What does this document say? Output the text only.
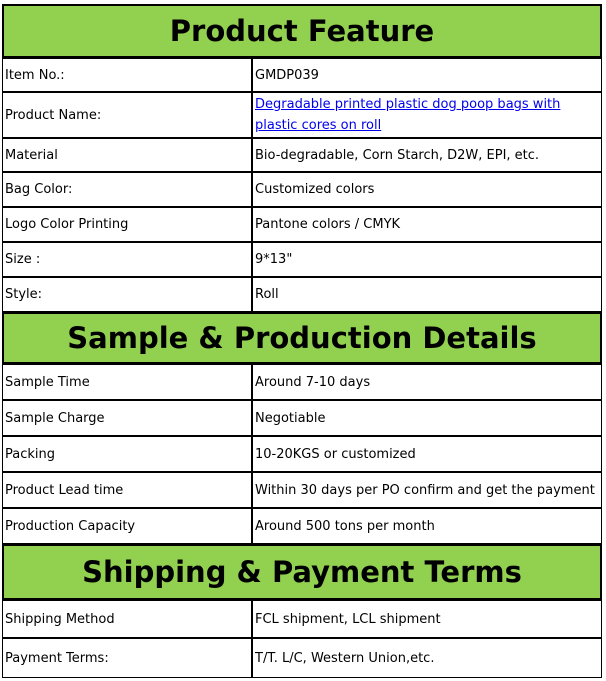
Product Feature
Item No.:	GMDP039
Product Name:
Degradable printed plastic dog poop bags with
plastic cores on roll
Material	Bio-degradable, Corn Starch, D2W, EPI, etc.
Bag Color:	Customized colors
Logo Color Printing	Pantone colors / CMYK
Size :	9*13"
Style:	Roll
Sample & Production Details
Sample Time	Around 7-10 days
Sample Charge	Negotiable
Packing	10-20KGS or customized
Product Lead time	Within 30 days per PO confirm and get the payment
Production Capacity	Around 500 tons per month
Shipping & Payment Terms
Shipping Method	FCL shipment, LCL shipment
Payment Terms:	T/T. L/C, Western Union,etc.
